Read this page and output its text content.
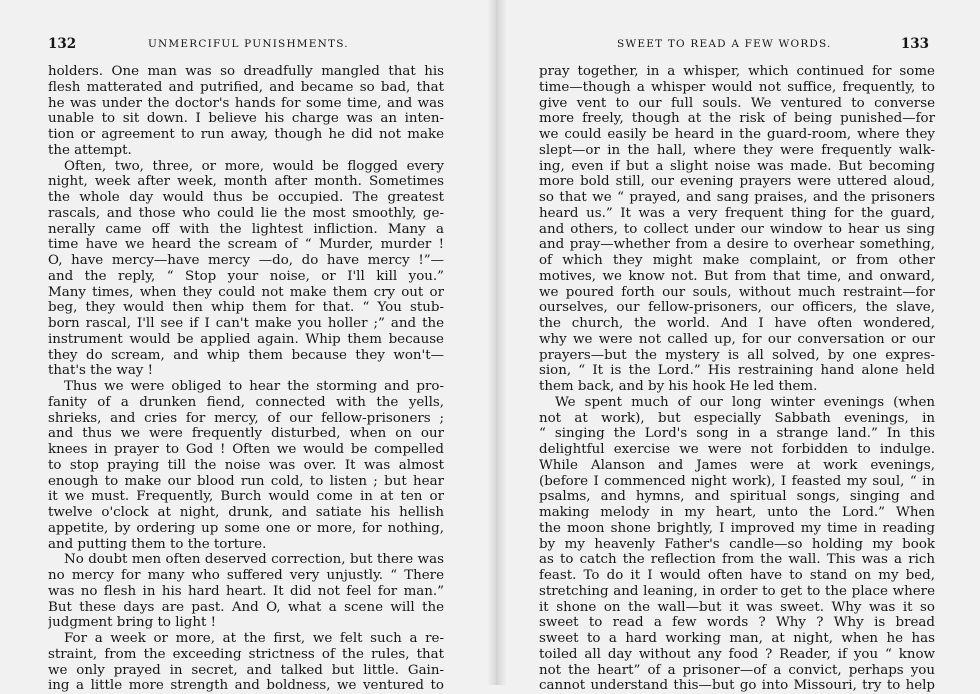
132	UNMERCIFUL PUNISHMENTS.
holders. One man was so dreadfully mangled that his
flesh matterated and putrified, and became so bad, that
he was under the doctor's hands for some time, and was
unable to sit down. I believe his charge was an inten-
tion or agreement to run away, though he did not make
the attempt.
Often, two, three, or more, would be flogged every
night, week after week, month after month. Sometimes
the whole day would thus be occupied. The greatest
rascals, and those who could lie the most smoothly, ge-
nerally came off with the lightest infliction. Many a
time have we heard the scream of “ Murder, murder !
O, have mercy—have mercy —do, do have mercy !”—
and the reply, “ Stop your noise, or I'll kill you.”
Many times, when they could not make them cry out or
beg, they would then whip them for that. “ You stub-
born rascal, I'll see if I can't make you holler ;” and the
instrument would be applied again. Whip them because
they do scream, and whip them because they won't—
that's the way !
Thus we were obliged to hear the storming and pro-
fanity of a drunken fiend, connected with the yells,
shrieks, and cries for mercy, of our fellow-prisoners ;
and thus we were frequently disturbed, when on our
knees in prayer to God ! Often we would be compelled
to stop praying till the noise was over. It was almost
enough to make our blood run cold, to listen ; but hear
it we must. Frequently, Burch would come in at ten or
twelve o'clock at night, drunk, and satiate his hellish
appetite, by ordering up some one or more, for nothing,
and putting them to the torture.
No doubt men often deserved correction, but there was
no mercy for many who suffered very unjustly. “ There
was no flesh in his hard heart. It did not feel for man.”
But these days are past. And O, what a scene will the
judgment bring to light !
For a week or more, at the first, we felt such a re-
straint, from the exceeding strictness of the rules, that
we only prayed in secret, and talked but little. Gain-
ing a little more strength and boldness, we ventured to
SWEET TO READ A FEW WORDS.	133
pray together, in a whisper, which continued for some
time—though a whisper would not suffice, frequently, to
give vent to our full souls. We ventured to converse
more freely, though at the risk of being punished—for
we could easily be heard in the guard-room, where they
slept—or in the hall, where they were frequently walk-
ing, even if but a slight noise was made. But becoming
more bold still, our evening prayers were uttered aloud,
so that we “ prayed, and sang praises, and the prisoners
heard us.” It was a very frequent thing for the guard,
and others, to collect under our window to hear us sing
and pray—whether from a desire to overhear something,
of which they might make complaint, or from other
motives, we know not. But from that time, and onward,
we poured forth our souls, without much restraint—for
ourselves, our fellow-prisoners, our officers, the slave,
the church, the world. And I have often wondered,
why we were not called up, for our conversation or our
prayers—but the mystery is all solved, by one expres-
sion, “ It is the Lord.” His restraining hand alone held
them back, and by his hook He led them.
We spent much of our long winter evenings (when
not at work), but especially Sabbath evenings, in
“ singing the Lord's song in a strange land.” In this
delightful exercise we were not forbidden to indulge.
While Alanson and James were at work evenings,
(before I commenced night work), I feasted my soul, “ in
psalms, and hymns, and spiritual songs, singing and
making melody in my heart, unto the Lord.” When
the moon shone brightly, I improved my time in reading
by my heavenly Father's candle—so holding my book
as to catch the reflection from the wall. This was a rich
feast. To do it I would often have to stand on my bed,
stretching and leaning, in order to get to the place where
it shone on the wall—but it was sweet. Why was it so
sweet to read a few words ? Why ? Why is bread
sweet to a hard working man, at night, when he has
toiled all day without any food ? Reader, if you “ know
not the heart” of a prisoner—of a convict, perhaps you
cannot understand this—but go into Missouri, try to help
